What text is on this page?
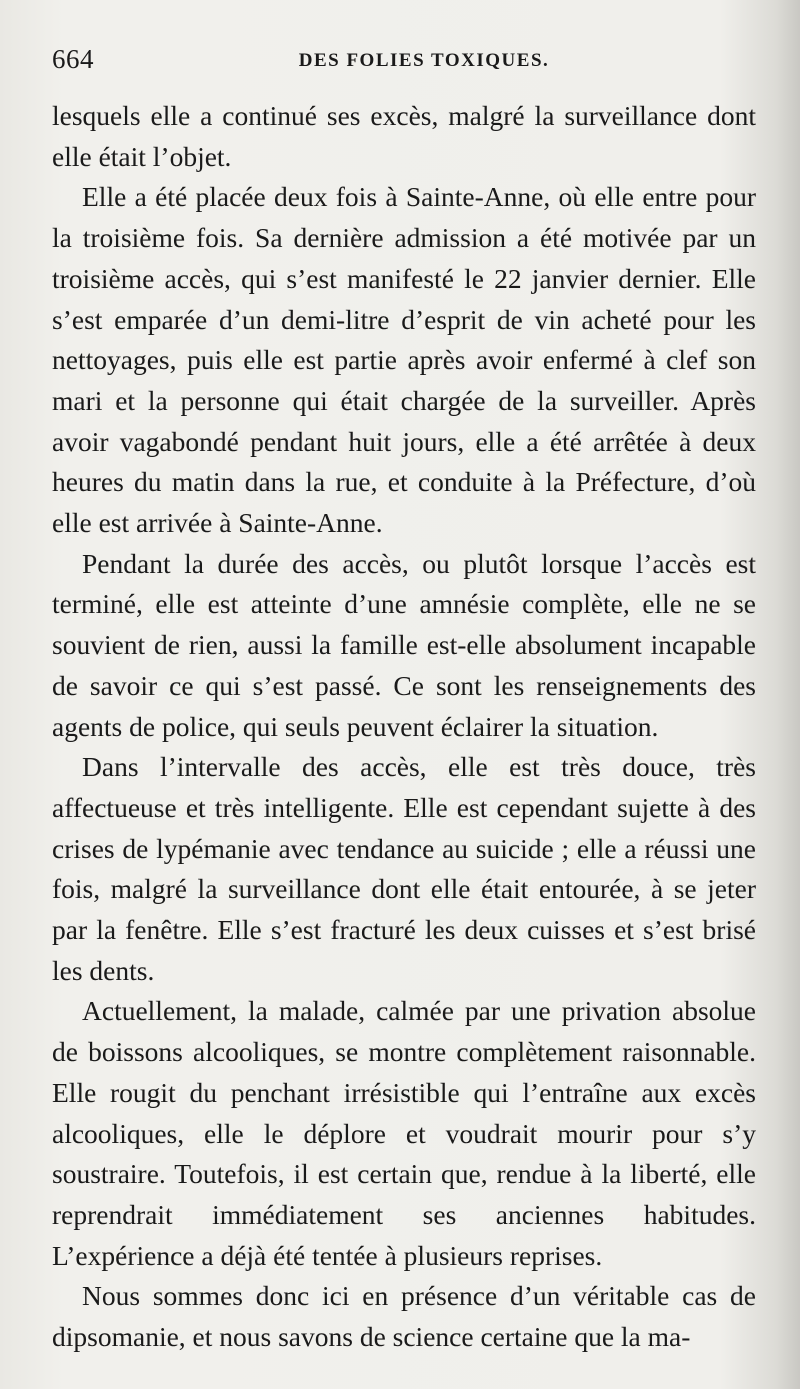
664	DES FOLIES TOXIQUES.

lesquels elle a continué ses excès, malgré la surveillance dont elle était l’objet.

Elle a été placée deux fois à Sainte-Anne, où elle entre pour la troisième fois. Sa dernière admission a été motivée par un troisième accès, qui s’est manifesté le 22 janvier dernier. Elle s’est emparée d’un demi-litre d’esprit de vin acheté pour les nettoyages, puis elle est partie après avoir enfermé à clef son mari et la personne qui était chargée de la surveiller. Après avoir vagabondé pendant huit jours, elle a été arrêtée à deux heures du matin dans la rue, et conduite à la Préfecture, d’où elle est arrivée à Sainte-Anne.

Pendant la durée des accès, ou plutôt lorsque l’accès est terminé, elle est atteinte d’une amnésie complète, elle ne se souvient de rien, aussi la famille est-elle absolument incapable de savoir ce qui s’est passé. Ce sont les renseignements des agents de police, qui seuls peuvent éclairer la situation.

Dans l’intervalle des accès, elle est très douce, très affectueuse et très intelligente. Elle est cependant sujette à des crises de lypémanie avec tendance au suicide ; elle a réussi une fois, malgré la surveillance dont elle était entourée, à se jeter par la fenêtre. Elle s’est fracturé les deux cuisses et s’est brisé les dents.

Actuellement, la malade, calmée par une privation absolue de boissons alcooliques, se montre complètement raisonnable. Elle rougit du penchant irrésistible qui l’entraîne aux excès alcooliques, elle le déplore et voudrait mourir pour s’y soustraire. Toutefois, il est certain que, rendue à la liberté, elle reprendrait immédiatement ses anciennes habitudes. L’expérience a déjà été tentée à plusieurs reprises.

Nous sommes donc ici en présence d’un véritable cas de dipsomanie, et nous savons de science certaine que la ma-
